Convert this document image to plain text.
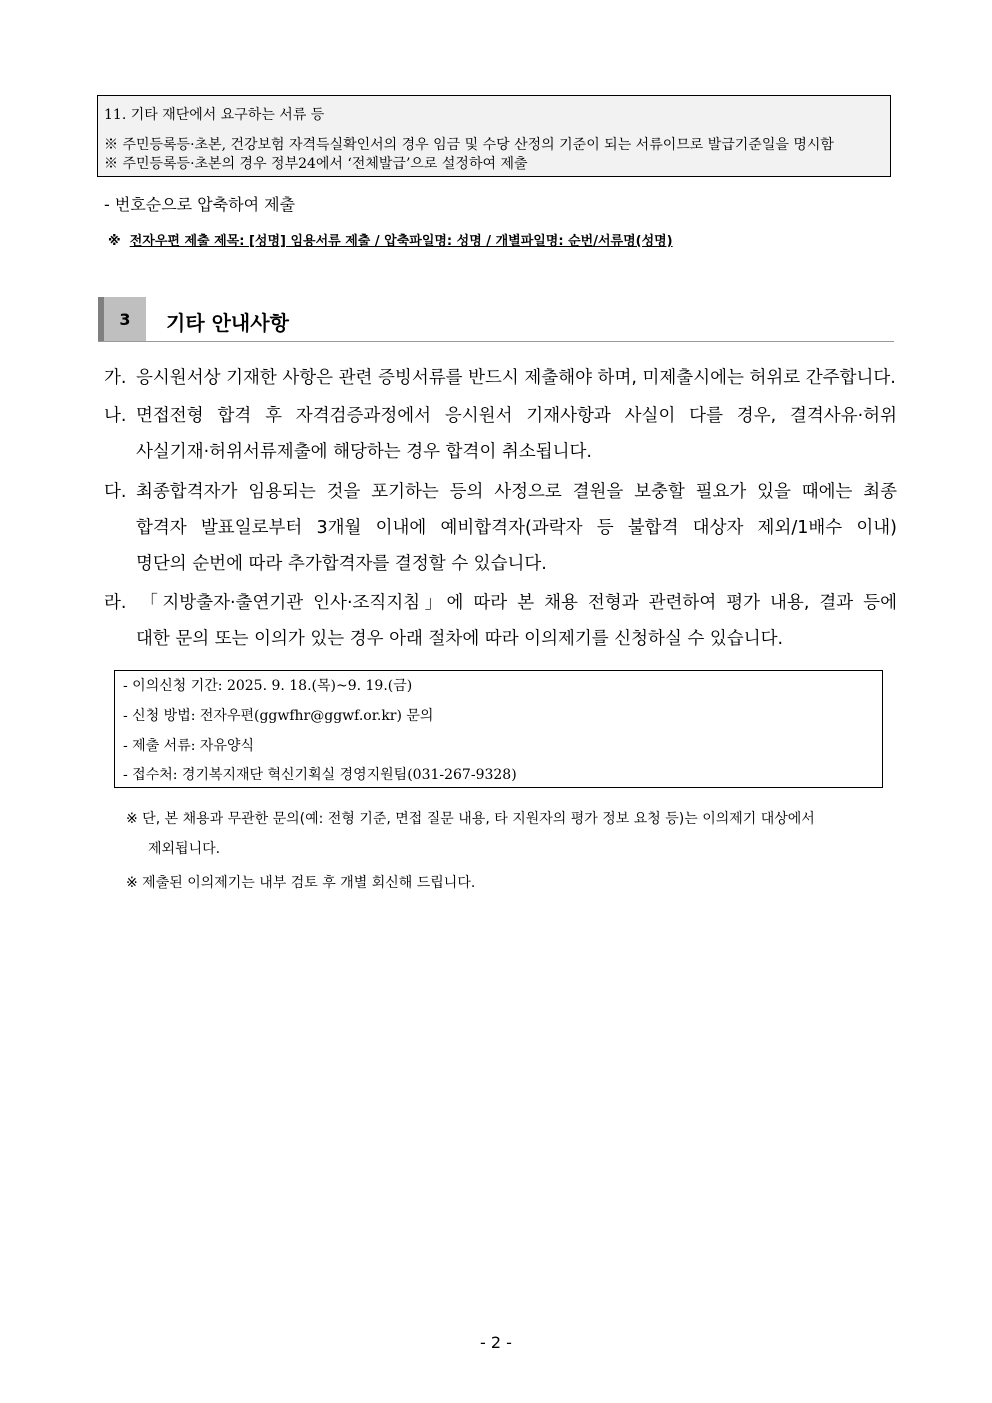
11. 기타 재단에서 요구하는 서류 등
※ 주민등록등·초본, 건강보험 자격득실확인서의 경우 임금 및 수당 산정의 기준이 되는 서류이므로 발급기준일을 명시함
※ 주민등록등·초본의 경우 정부24에서 ‘전체발급’으로 설정하여 제출
- 번호순으로 압축하여 제출
※ 전자우편 제출 제목: [성명] 임용서류 제출 / 압축파일명: 성명 / 개별파일명: 순번/서류명(성명)
3	기타 안내사항
가. 응시원서상 기재한 사항은 관련 증빙서류를 반드시 제출해야 하며, 미제출시에는 허위로 간주합니다.
나. 면접전형 합격 후 자격검증과정에서 응시원서 기재사항과 사실이 다를 경우, 결격사유·허위
사실기재·허위서류제출에 해당하는 경우 합격이 취소됩니다.
다. 최종합격자가 임용되는 것을 포기하는 등의 사정으로 결원을 보충할 필요가 있을 때에는 최종
합격자 발표일로부터 3개월 이내에 예비합격자(과락자 등 불합격 대상자 제외/1배수 이내)
명단의 순번에 따라 추가합격자를 결정할 수 있습니다.
라. 「지방출자·출연기관 인사·조직지침」에 따라 본 채용 전형과 관련하여 평가 내용, 결과 등에
대한 문의 또는 이의가 있는 경우 아래 절차에 따라 이의제기를 신청하실 수 있습니다.
- 이의신청 기간: 2025. 9. 18.(목)~9. 19.(금)
- 신청 방법: 전자우편(ggwfhr@ggwf.or.kr) 문의
- 제출 서류: 자유양식
- 접수처: 경기복지재단 혁신기획실 경영지원팀(031-267-9328)
※ 단, 본 채용과 무관한 문의(예: 전형 기준, 면접 질문 내용, 타 지원자의 평가 정보 요청 등)는 이의제기 대상에서
제외됩니다.
※ 제출된 이의제기는 내부 검토 후 개별 회신해 드립니다.
- 2 -
